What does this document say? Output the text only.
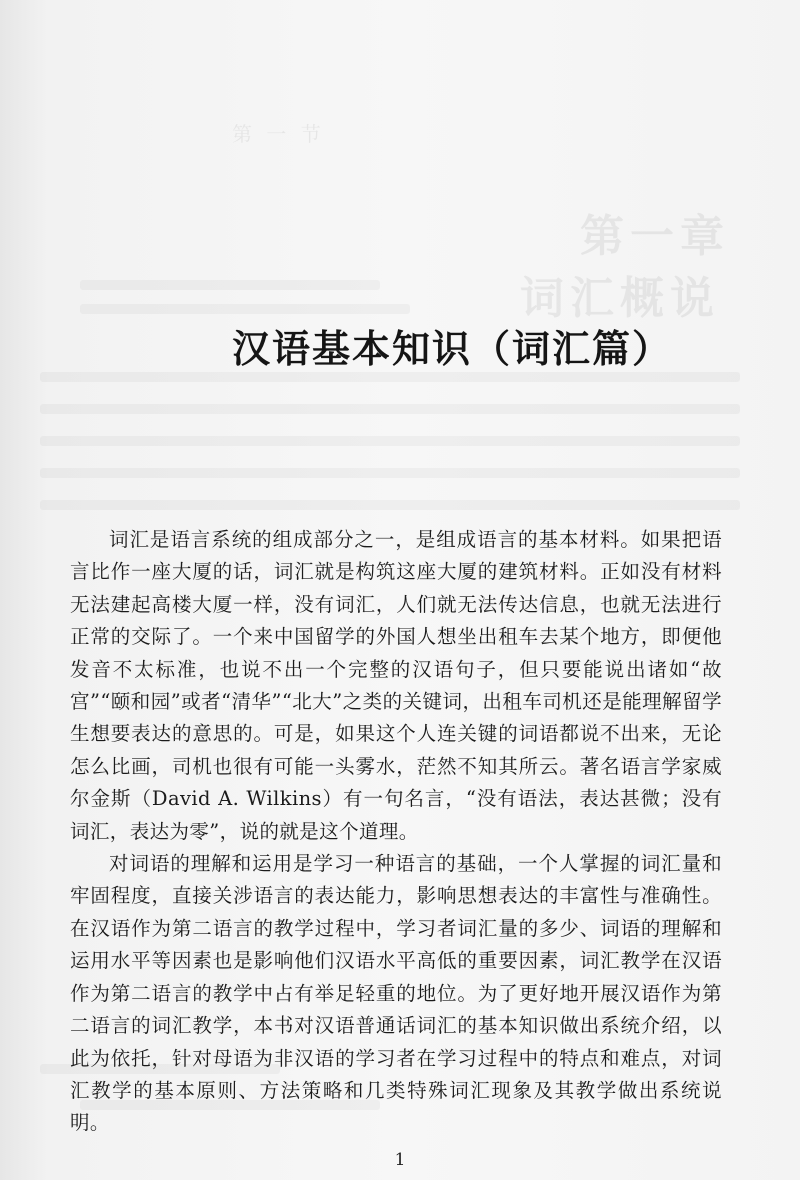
第 一 节
第一章
词汇概说
汉语基本知识（词汇篇）

词汇是语言系统的组成部分之一，是组成语言的基本材料。如果把语言比作一座大厦的话，词汇就是构筑这座大厦的建筑材料。正如没有材料无法建起高楼大厦一样，没有词汇，人们就无法传达信息，也就无法进行正常的交际了。一个来中国留学的外国人想坐出租车去某个地方，即便他发音不太标准，也说不出一个完整的汉语句子，但只要能说出诸如“故宫”“颐和园”或者“清华”“北大”之类的关键词，出租车司机还是能理解留学生想要表达的意思的。可是，如果这个人连关键的词语都说不出来，无论怎么比画，司机也很有可能一头雾水，茫然不知其所云。著名语言学家威尔金斯（David A. Wilkins）有一句名言，“没有语法，表达甚微；没有词汇，表达为零”，说的就是这个道理。

对词语的理解和运用是学习一种语言的基础，一个人掌握的词汇量和牢固程度，直接关涉语言的表达能力，影响思想表达的丰富性与准确性。在汉语作为第二语言的教学过程中，学习者词汇量的多少、词语的理解和运用水平等因素也是影响他们汉语水平高低的重要因素，词汇教学在汉语作为第二语言的教学中占有举足轻重的地位。为了更好地开展汉语作为第二语言的词汇教学，本书对汉语普通话词汇的基本知识做出系统介绍，以此为依托，针对母语为非汉语的学习者在学习过程中的特点和难点，对词汇教学的基本原则、方法策略和几类特殊词汇现象及其教学做出系统说明。

1
